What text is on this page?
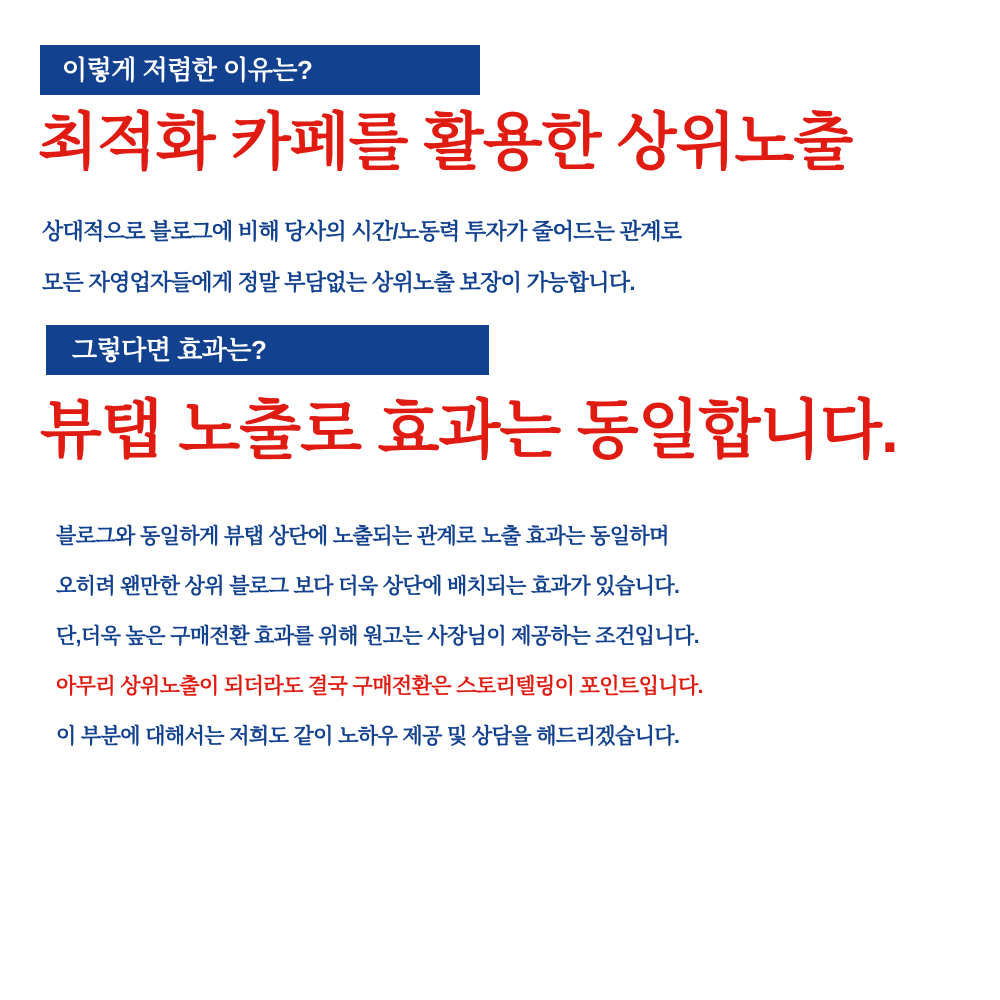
이렇게 저렴한 이유는?
최적화 카페를 활용한 상위노출
상대적으로 블로그에 비해 당사의 시간/노동력 투자가 줄어드는 관계로
모든 자영업자들에게 정말 부담없는 상위노출 보장이 가능합니다.
그렇다면 효과는?
뷰탭 노출로 효과는 동일합니다.
블로그와 동일하게 뷰탭 상단에 노출되는 관계로 노출 효과는 동일하며
오히려 왠만한 상위 블로그 보다 더욱 상단에 배치되는 효과가 있습니다.
단,더욱 높은 구매전환 효과를 위해 원고는 사장님이 제공하는 조건입니다.
아무리 상위노출이 되더라도 결국 구매전환은 스토리텔링이 포인트입니다.
이 부분에 대해서는 저희도 같이 노하우 제공 및 상담을 해드리겠습니다.
